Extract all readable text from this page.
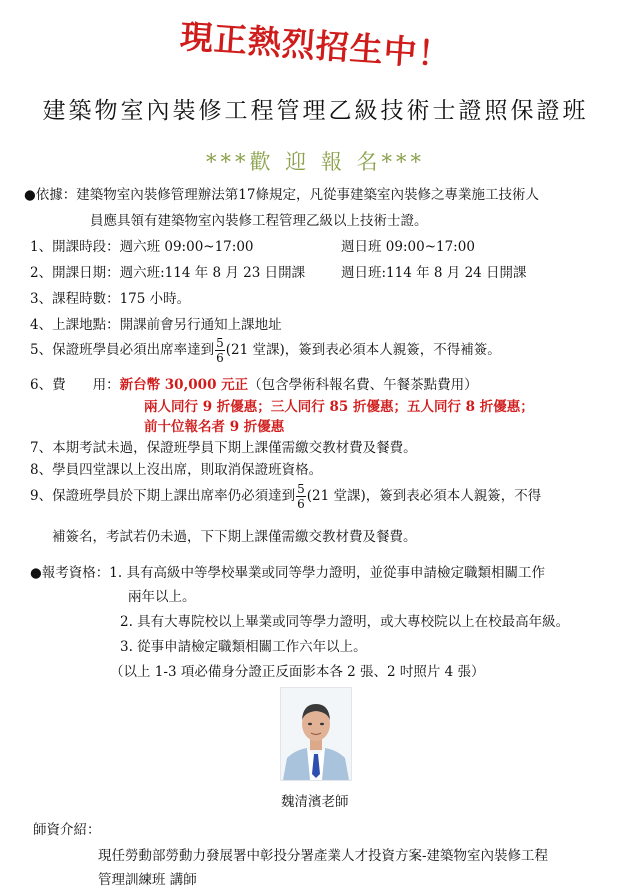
現正熱烈招生中！
建築物室內裝修工程管理乙級技術士證照保證班
***歡 迎 報 名***
●依據：建築物室內裝修管理辦法第17條規定，凡從事建築室內裝修之專業施工技術人
員應具領有建築物室內裝修工程管理乙級以上技術士證。
1、開課時段：週六班 09:00~17:00	週日班 09:00~17:00
2、開課日期：週六班:114 年 8 月 23 日開課	週日班:114 年 8 月 24 日開課
3、課程時數：175 小時。
4、上課地點：開課前會另行通知上課地址
5、保證班學員必須出席率達到 $\frac{5}{6} (21$ 堂課)，簽到表必須本人親簽，不得補簽。
6、費　　用：新台幣 30,000 元正（包含學術科報名費、午餐茶點費用）
兩人同行 9 折優惠；三人同行 85 折優惠；五人同行 8 折優惠；
前十位報名者 9 折優惠
7、本期考試未過，保證班學員下期上課僅需繳交教材費及餐費。
8、學員四堂課以上沒出席，則取消保證班資格。
9、保證班學員於下期上課出席率仍必須達到 $\frac{5}{6} (21$ 堂課)，簽到表必須本人親簽，不得
補簽名，考試若仍未過，下下期上課僅需繳交教材費及餐費。
●報考資格：1. 具有高級中等學校畢業或同等學力證明，並從事申請檢定職類相關工作
兩年以上。
2. 具有大專院校以上畢業或同等學力證明，或大專校院以上在校最高年級。
3. 從事申請檢定職類相關工作六年以上。
（以上 1-3 項必備身分證正反面影本各 2 張、2 吋照片 4 張）
魏清濱老師
師資介紹：
現任勞動部勞動力發展署中彰投分署產業人才投資方案-建築物室內裝修工程
管理訓練班 講師
